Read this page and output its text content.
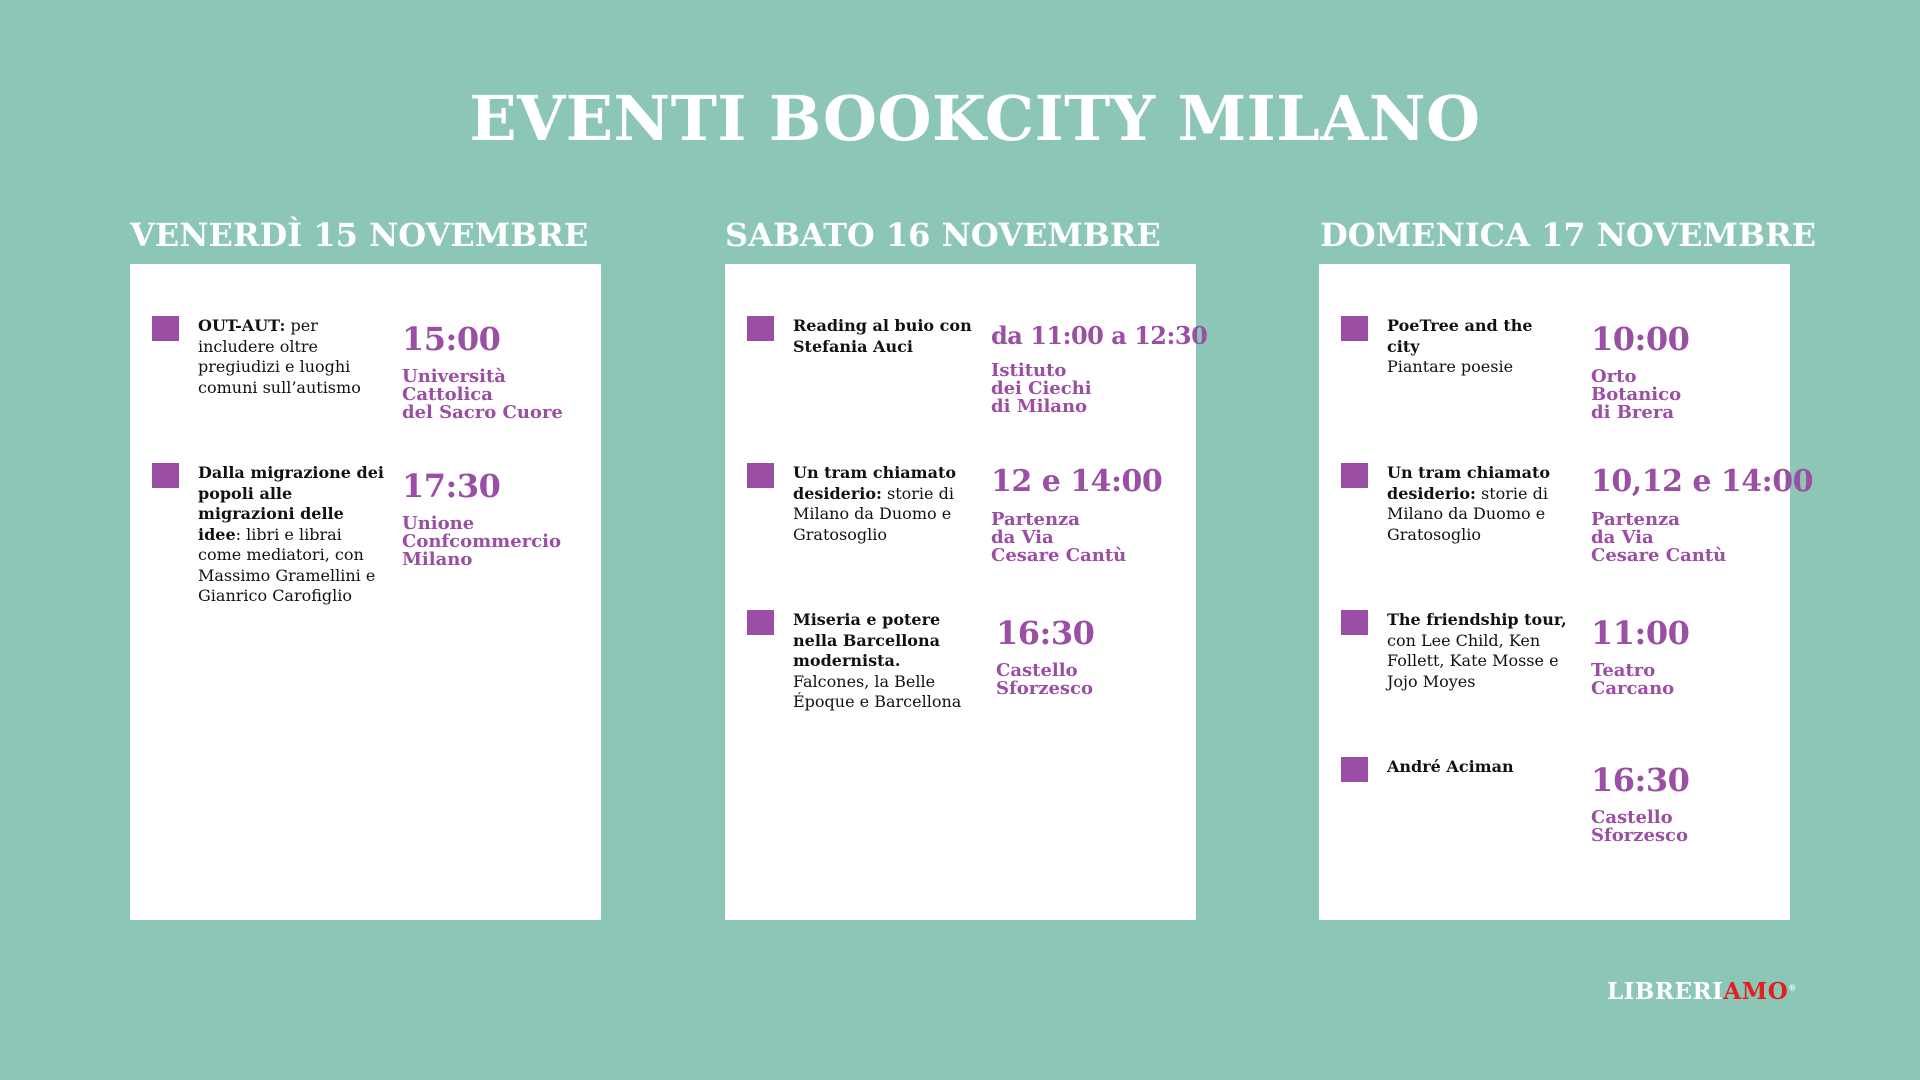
EVENTI BOOKCITY MILANO
VENERDÌ 15 NOVEMBRE
OUT-AUT: per includere oltre pregiudizi e luoghi comuni sull’autismo
15:00
Università
Cattolica
del Sacro Cuore
Dalla migrazione dei popoli alle migrazioni delle idee: libri e librai come mediatori, con Massimo Gramellini e Gianrico Carofiglio
17:30
Unione
Confcommercio
Milano
SABATO 16 NOVEMBRE
Reading al buio con Stefania Auci	da 11:00 a 12:30
Istituto
dei Ciechi
di Milano
Un tram chiamato desiderio: storie di Milano da Duomo e Gratosoglio
12 e 14:00
Partenza
da Via
Cesare Cantù
Miseria e potere nella Barcellona modernista. Falcones, la Belle Époque e Barcellona
16:30
Castello
Sforzesco
DOMENICA 17 NOVEMBRE
PoeTree and the city
Piantare poesie
10:00
Orto
Botanico
di Brera
Un tram chiamato desiderio: storie di Milano da Duomo e Gratosoglio
10,12 e 14:00
Partenza
da Via
Cesare Cantù
The friendship tour, con Lee Child, Ken Follett, Kate Mosse e Jojo Moyes
11:00
Teatro
Carcano
André Aciman	16:30
Castello
Sforzesco
LIBRERIAMO®
